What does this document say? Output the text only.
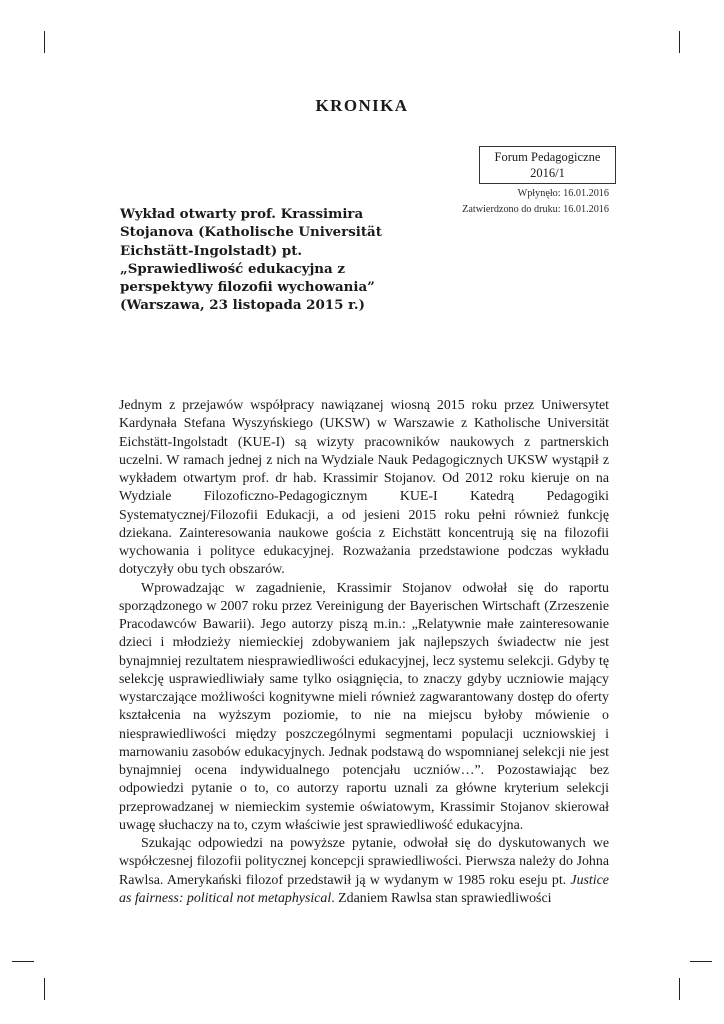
KRONIKA
Forum Pedagogiczne
2016/1
Wpłynęło: 16.01.2016
Zatwierdzono do druku: 16.01.2016
Wykład otwarty prof. Krassimira Stojanova (Katholische Universität Eichstätt-Ingolstadt) pt. „Sprawiedliwość edukacyjna z perspektywy filozofii wychowania” (Warszawa, 23 listopada 2015 r.)

Jednym z przejawów współpracy nawiązanej wiosną 2015 roku przez Uniwersytet Kardynała Stefana Wyszyńskiego (UKSW) w Warszawie z Katholische Universität Eichstätt-Ingolstadt (KUE-I) są wizyty pracowników naukowych z partnerskich uczelni. W ramach jednej z nich na Wydziale Nauk Pedagogicznych UKSW wystąpił z wykładem otwartym prof. dr hab. Krassimir Stojanov. Od 2012 roku kieruje on na Wydziale Filozoficzno-Pedagogicznym KUE-I Katedrą Pedagogiki Systematycznej/Filozofii Edukacji, a od jesieni 2015 roku pełni również funkcję dziekana. Zainteresowania naukowe gościa z Eichstätt koncentrują się na filozofii wychowania i polityce edukacyjnej. Rozważania przedstawione podczas wykładu dotyczyły obu tych obszarów.

Wprowadzając w zagadnienie, Krassimir Stojanov odwołał się do raportu sporządzonego w 2007 roku przez Vereinigung der Bayerischen Wirtschaft (Zrzeszenie Pracodawców Bawarii). Jego autorzy piszą m.in.: „Relatywnie małe zainteresowanie dzieci i młodzieży niemieckiej zdobywaniem jak najlepszych świadectw nie jest bynajmniej rezultatem niesprawiedliwości edukacyjnej, lecz systemu selekcji. Gdyby tę selekcję usprawiedliwiały same tylko osiągnięcia, to znaczy gdyby uczniowie mający wystarczające możliwości kognitywne mieli również zagwarantowany dostęp do oferty kształcenia na wyższym poziomie, to nie na miejscu byłoby mówienie o niesprawiedliwości między poszczególnymi segmentami populacji uczniowskiej i marnowaniu zasobów edukacyjnych. Jednak podstawą do wspomnianej selekcji nie jest bynajmniej ocena indywidualnego potencjału uczniów…”. Pozostawiając bez odpowiedzi pytanie o to, co autorzy raportu uznali za główne kryterium selekcji przeprowadzanej w niemieckim systemie oświatowym, Krassimir Stojanov skierował uwagę słuchaczy na to, czym właściwie jest sprawiedliwość edukacyjna.

Szukając odpowiedzi na powyższe pytanie, odwołał się do dyskutowanych we współczesnej filozofii politycznej koncepcji sprawiedliwości. Pierwsza należy do Johna Rawlsa. Amerykański filozof przedstawił ją w wydanym w 1985 roku eseju pt. Justice as fairness: political not metaphysical. Zdaniem Rawlsa stan sprawiedliwości
